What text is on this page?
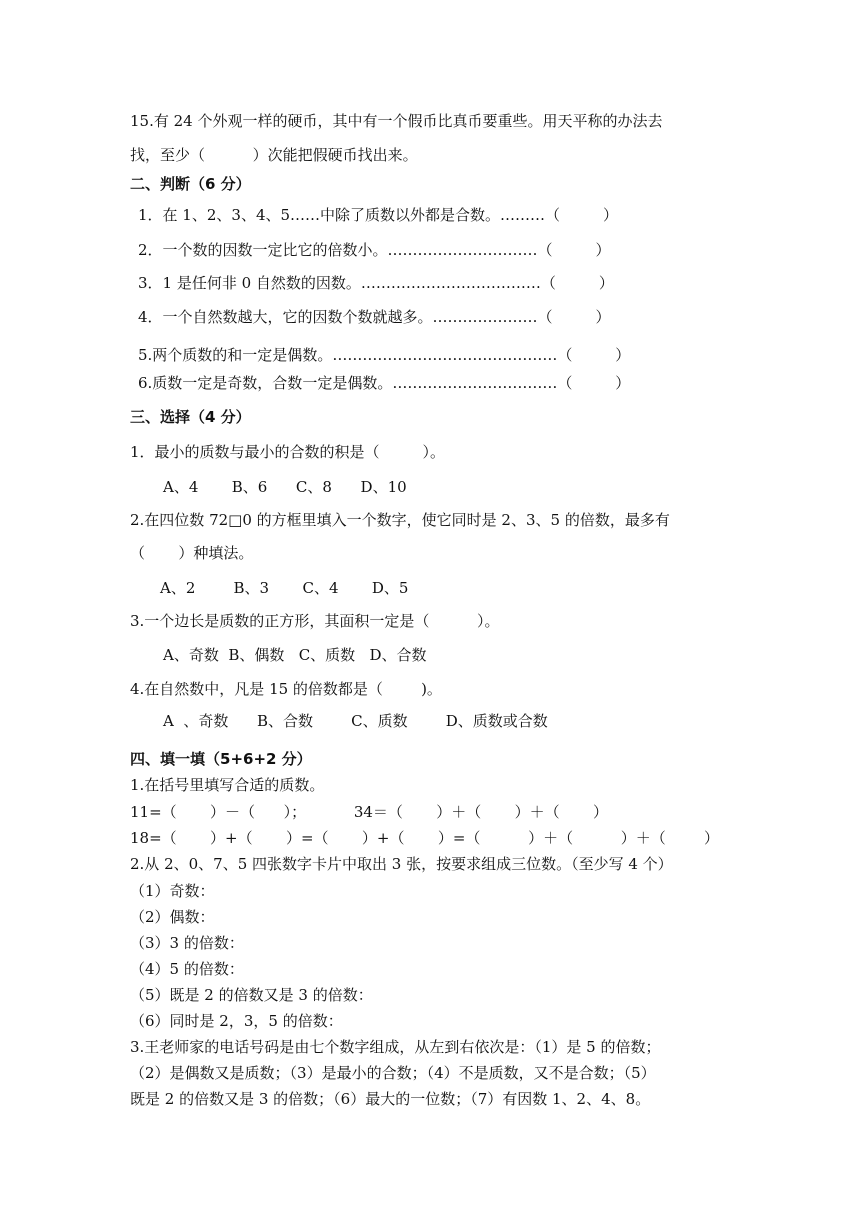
15.有 24 个外观一样的硬币，其中有一个假币比真币要重些。用天平称的办法去
找，至少（          ）次能把假硬币找出来。
二、判断（6 分）
1．在 1、2、3、4、5……中除了质数以外都是合数。………（         ）
2．一个数的因数一定比它的倍数小。…………………………（         ）
3．1 是任何非 0 自然数的因数。………………………………（         ）
4．一个自然数越大，它的因数个数就越多。…………………（         ）
5.两个质数的和一定是偶数。………………………………………（         ）
6.质数一定是奇数，合数一定是偶数。……………………………（         ）
三、选择（4 分）
1．最小的质数与最小的合数的积是（         ）。
A、4       B、6      C、8      D、10
2.在四位数 72□0 的方框里填入一个数字，使它同时是 2、3、5 的倍数，最多有
（       ）种填法。
A、2        B、3       C、4       D、5
3.一个边长是质数的正方形，其面积一定是（          ）。
A、奇数  B、偶数   C、质数   D、合数
4.在自然数中，凡是 15 的倍数都是（        )。
A  、奇数      B、合数        C、质数        D、质数或合数
四、填一填（5+6+2 分）
1.在括号里填写合适的质数。
11=（       ）－（      ）；          34＝（       ）＋（       ）＋（       ）
18=（       ）+（       ）=（       ）+（       ）=（          ）＋（          ）＋（        ）
2.从 2、0、7、5 四张数字卡片中取出 3 张，按要求组成三位数。（至少写 4 个）
（1）奇数：
（2）偶数：
（3）3 的倍数：
（4）5 的倍数：
（5）既是 2 的倍数又是 3 的倍数：
（6）同时是 2，3，5 的倍数：
3.王老师家的电话号码是由七个数字组成，从左到右依次是：（1）是 5 的倍数；
（2）是偶数又是质数；（3）是最小的合数；（4）不是质数，又不是合数；（5）
既是 2 的倍数又是 3 的倍数；（6）最大的一位数；（7）有因数 1、2、4、8。
